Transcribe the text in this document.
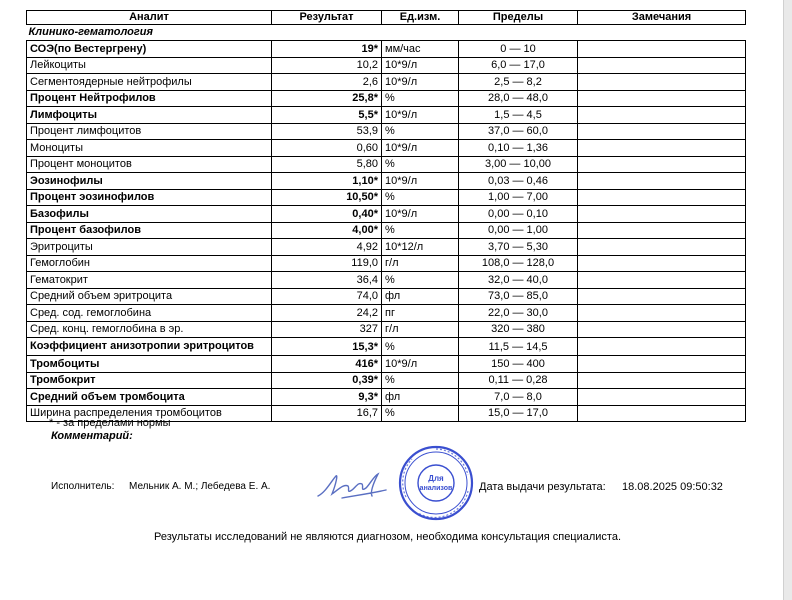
Аналит	Результат	Ед.изм.	Пределы	Замечания
Клинико-гематология				
СОЭ(по Вестергрену)	19*	мм/час	0 — 10	
Лейкоциты	10,2	10*9/л	6,0 — 17,0	
Сегментоядерные нейтрофилы	2,6	10*9/л	2,5 — 8,2	
Процент Нейтрофилов	25,8*	%	28,0 — 48,0	
Лимфоциты	5,5*	10*9/л	1,5 — 4,5	
Процент лимфоцитов	53,9	%	37,0 — 60,0	
Моноциты	0,60	10*9/л	0,10 — 1,36	
Процент моноцитов	5,80	%	3,00 — 10,00	
Эозинофилы	1,10*	10*9/л	0,03 — 0,46	
Процент эозинофилов	10,50*	%	1,00 — 7,00	
Базофилы	0,40*	10*9/л	0,00 — 0,10	
Процент базофилов	4,00*	%	0,00 — 1,00	
Эритроциты	4,92	10*12/л	3,70 — 5,30	
Гемоглобин	119,0	г/л	108,0 — 128,0	
Гематокрит	36,4	%	32,0 — 40,0	
Средний объем эритроцита	74,0	фл	73,0 — 85,0	
Сред. сод. гемоглобина	24,2	пг	22,0 — 30,0	
Сред. конц. гемоглобина в эр.	327	г/л	320 — 380	
Коэффициент анизотропии эритроцитов	15,3*	%	11,5 — 14,5	
Тромбоциты	416*	10*9/л	150 — 400	
Тромбокрит	0,39*	%	0,11 — 0,28	
Средний объем тромбоцита	9,3*	фл	7,0 — 8,0	
Ширина распределения тромбоцитов	16,7	%	15,0 — 17,0	
* - за пределами нормы
Комментарий:
Исполнитель: Мельник А. М.; Лебедева Е. А.
Для
анализов Дата выдачи результата: 18.08.2025 09:50:32
Результаты исследований не являются диагнозом, необходима консультация специалиста.
